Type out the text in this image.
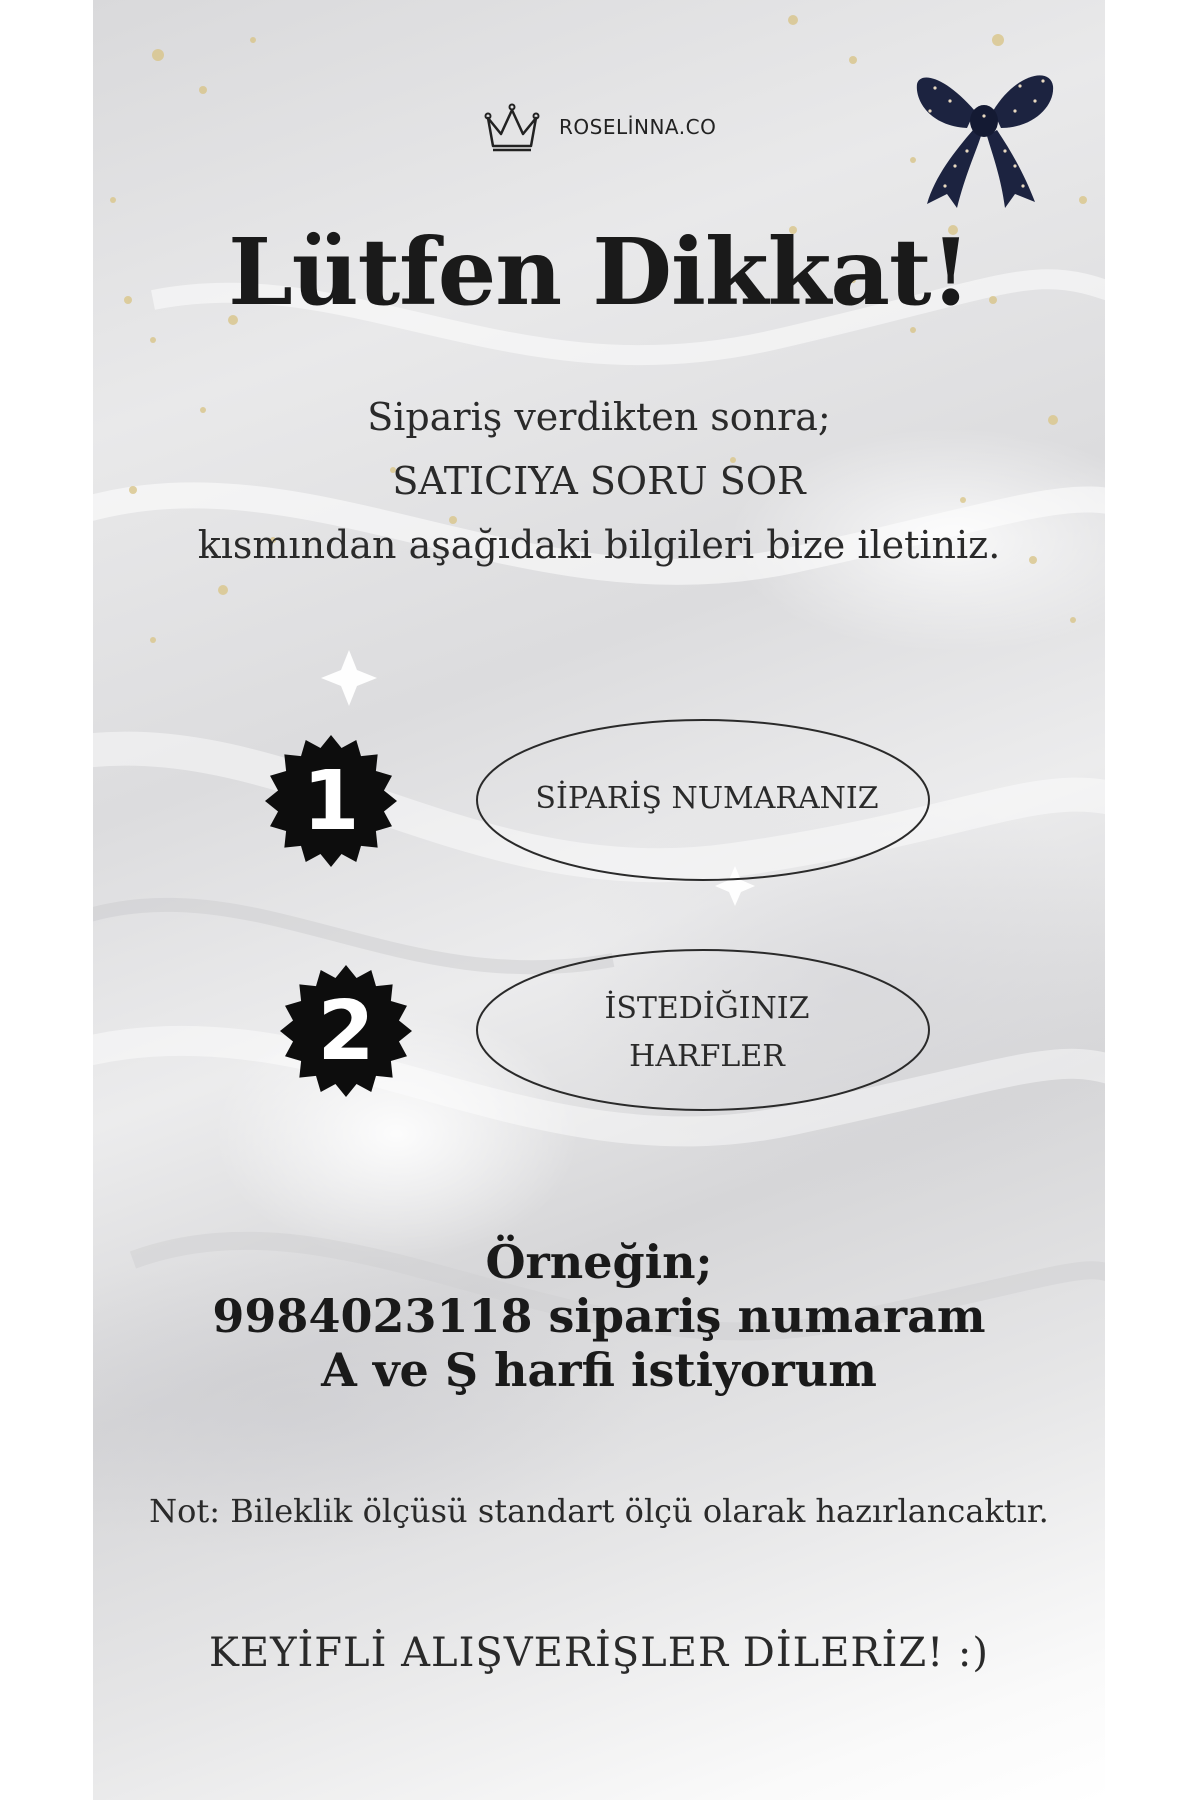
ROSELİNNA.CO
Lütfen Dikkat!
Sipariş verdikten sonra;
SATICIYA SORU SOR
kısmından aşağıdaki bilgileri bize iletiniz.
1	SİPARİŞ NUMARANIZ
2	İSTEDİĞINIZ
HARFLER
Örneğin;
9984023118 sipariş numaram
A ve Ş harfi istiyorum
Not: Bileklik ölçüsü standart ölçü olarak hazırlancaktır.
KEYİFLİ ALIŞVERİŞLER DİLERİZ! :)
